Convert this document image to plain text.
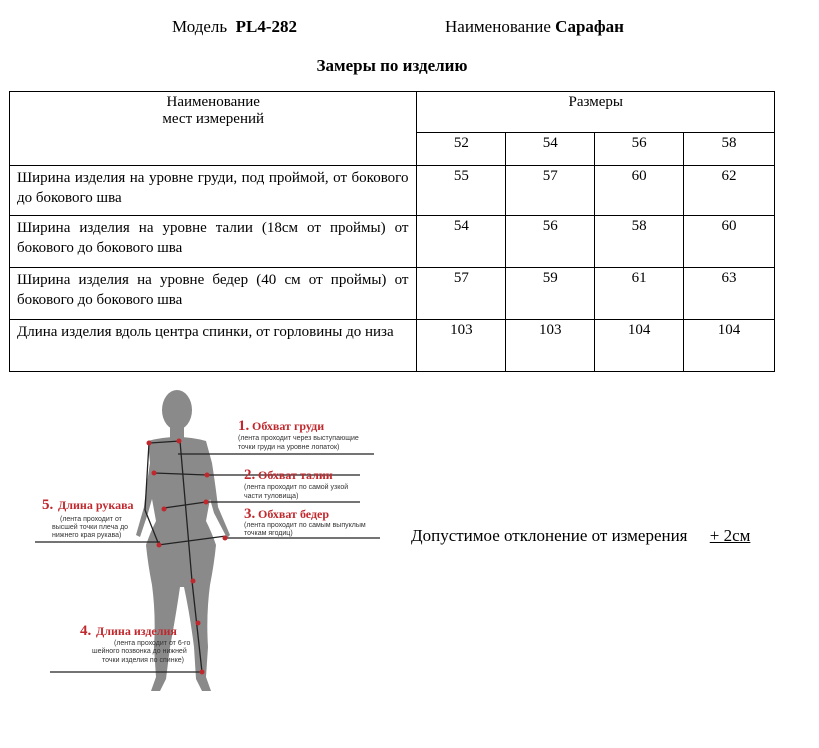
Модель PL4-282	Наименование Сарафан
Замеры по изделию
Наименование
мест измерений	Размеры			
	52	54	56	58
Ширина изделия на уровне груди, под проймой, от бокового до бокового шва	55	57	60	62
Ширина изделия на уровне талии (18см от проймы) от бокового до бокового шва	54	56	58	60
Ширина изделия на уровне бедер (40 см от проймы) от бокового до бокового шва	57	59	61	63
Длина изделия вдоль центра спинки, от горловины до низа	103	103	104	104
1. Обхват груди
(лента проходит через выступающие
точки груди на уровне лопаток)
2. Обхват талии
(лента проходит по самой узкой
части туловища)
3. Обхват бедер
(лента проходит по самым выпуклым
точкам ягодиц)
5. Длина рукава
(лента проходит от
высшей точки плеча до
нижнего края рукава)
4. Длина изделия
(лента проходит от 6-го
шейного позвонка до нижней
точки изделия по спинке)
Допустимое отклонение от измерения + 2см
